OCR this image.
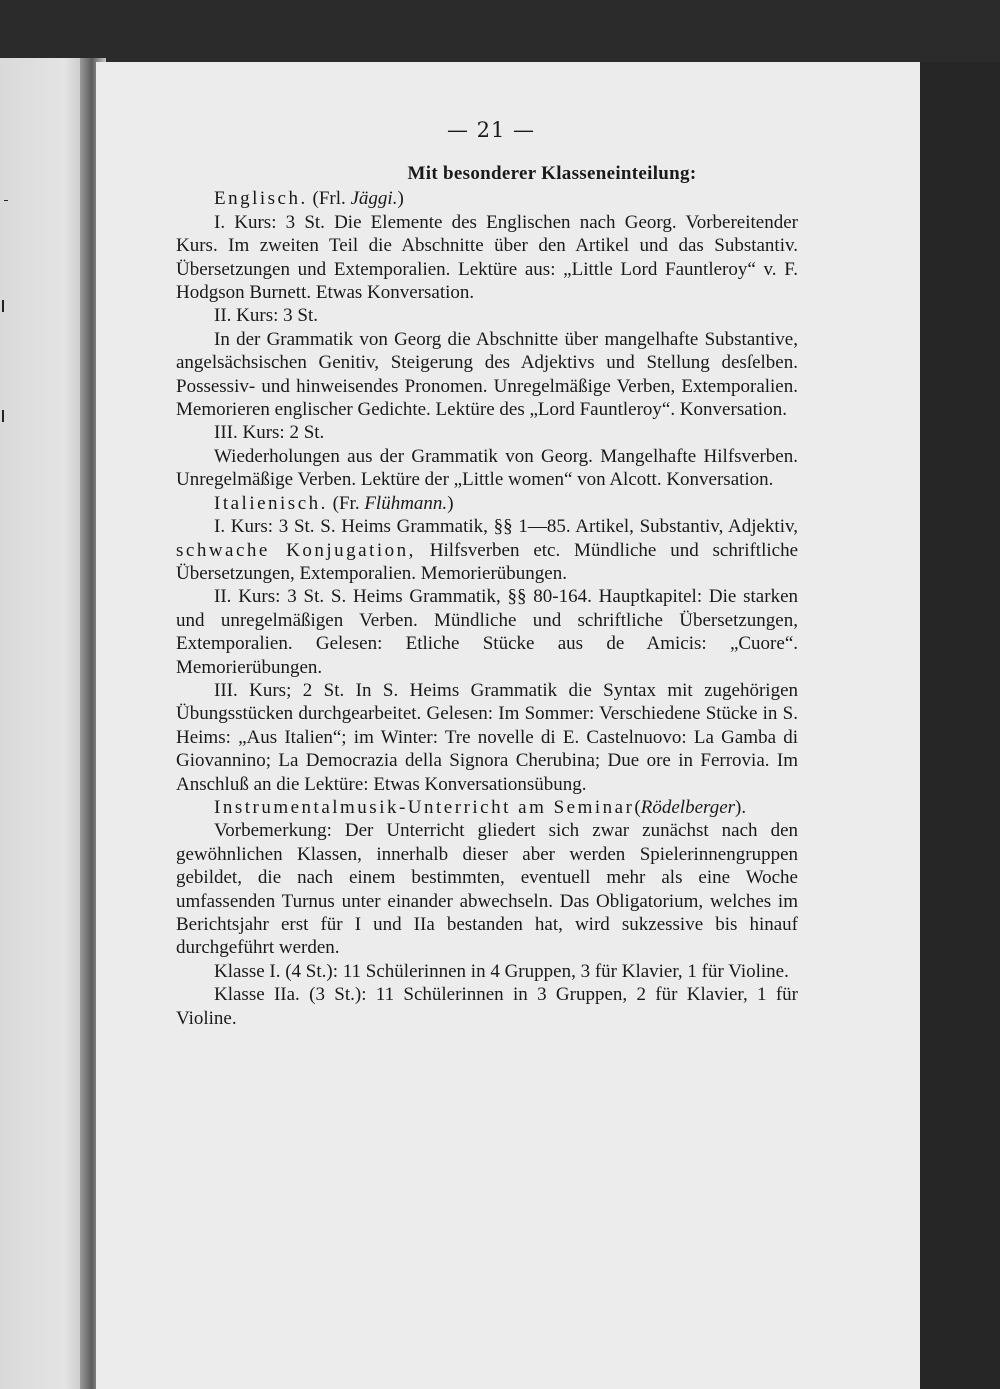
— 21 —

Mit besonderer Klasseneinteilung:

Englisch. (Frl. Jäggi.)

I. Kurs: 3 St. Die Elemente des Englischen nach Georg. Vorbereitender Kurs. Im zweiten Teil die Abschnitte über den Artikel und das Substantiv. Übersetzungen und Extemporalien. Lektüre aus: „Little Lord Fauntleroy“ v. F. Hodgson Burnett. Etwas Konversation.

II. Kurs: 3 St.

In der Grammatik von Georg die Abschnitte über mangelhafte Substantive, angelsächsischen Genitiv, Steigerung des Adjektivs und Stellung desſelben. Possessiv- und hinweisendes Pronomen. Unregelmäßige Verben, Extemporalien. Memorieren englischer Gedichte. Lektüre des „Lord Fauntleroy“. Konversation.

III. Kurs: 2 St.

Wiederholungen aus der Grammatik von Georg. Mangelhafte Hilfsverben. Unregelmäßige Verben. Lektüre der „Little women“ von Alcott. Konversation.

Italienisch. (Fr. Flühmann.)

I. Kurs: 3 St. S. Heims Grammatik, §§ 1—85. Artikel, Substantiv, Adjektiv, schwache Konjugation, Hilfsverben etc. Mündliche und schriftliche Übersetzungen, Extemporalien. Memorierübungen.

II. Kurs: 3 St. S. Heims Grammatik, §§ 80-164. Hauptkapitel: Die starken und unregelmäßigen Verben. Mündliche und schriftliche Übersetzungen, Extemporalien. Gelesen: Etliche Stücke aus de Amicis: „Cuore“. Memorierübungen.

III. Kurs; 2 St. In S. Heims Grammatik die Syntax mit zugehörigen Übungsstücken durchgearbeitet. Gelesen: Im Sommer: Verschiedene Stücke in S. Heims: „Aus Italien“; im Winter: Tre novelle di E. Castelnuovo: La Gamba di Giovannino; La Democrazia della Signora Cherubina; Due ore in Ferrovia. Im Anschluß an die Lektüre: Etwas Konversationsübung.

Instrumentalmusik-Unterricht am Seminar(Rödelberger).

Vorbemerkung: Der Unterricht gliedert sich zwar zunächst nach den gewöhnlichen Klassen, innerhalb dieser aber werden Spielerinnengruppen gebildet, die nach einem bestimmten, eventuell mehr als eine Woche umfassenden Turnus unter einander abwechseln. Das Obligatorium, welches im Berichtsjahr erst für I und IIa bestanden hat, wird sukzessive bis hinauf durchgeführt werden.

Klasse I. (4 St.): 11 Schülerinnen in 4 Gruppen, 3 für Klavier, 1 für Violine.

Klasse IIa. (3 St.): 11 Schülerinnen in 3 Gruppen, 2 für Klavier, 1 für Violine.
